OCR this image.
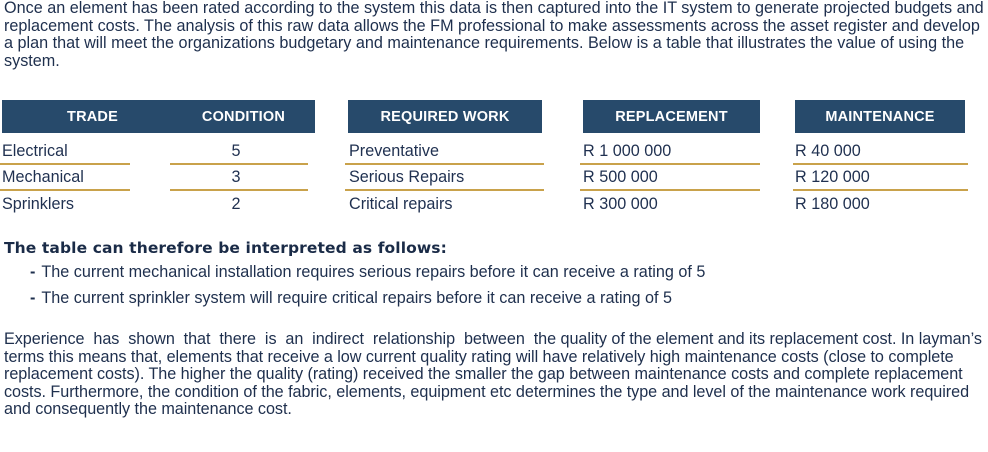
Once an element has been rated according to the system this data is then captured into the IT system to generate projected budgets and replacement costs. The analysis of this raw data allows the FM professional to make assessments across the asset register and develop a plan that will meet the organizations budgetary and maintenance requirements. Below is a table that illustrates the value of using the system.

TRADE	CONDITION	REQUIRED WORK	REPLACEMENT	MAINTENANCE
Electrical	5	Preventative	R 1 000 000	R 40 000
Mechanical	3	Serious Repairs	R 500 000	R 120 000
Sprinklers	2	Critical repairs	R 300 000	R 180 000
The table can therefore be interpreted as follows:
- The current mechanical installation requires serious repairs before it can receive a rating of 5
- The current sprinkler system will require critical repairs before it can receive a rating of 5

Experience  has  shown  that  there  is  an  indirect  relationship  between  the quality of the element and its replacement cost. In layman’s terms this means that, elements that receive a low current quality rating will have relatively high maintenance costs (close to complete replacement costs). The higher the quality (rating) received the smaller the gap between maintenance costs and complete replacement costs. Furthermore, the condition of the fabric, elements, equipment etc determines the type and level of the maintenance work required and consequently the maintenance cost.
